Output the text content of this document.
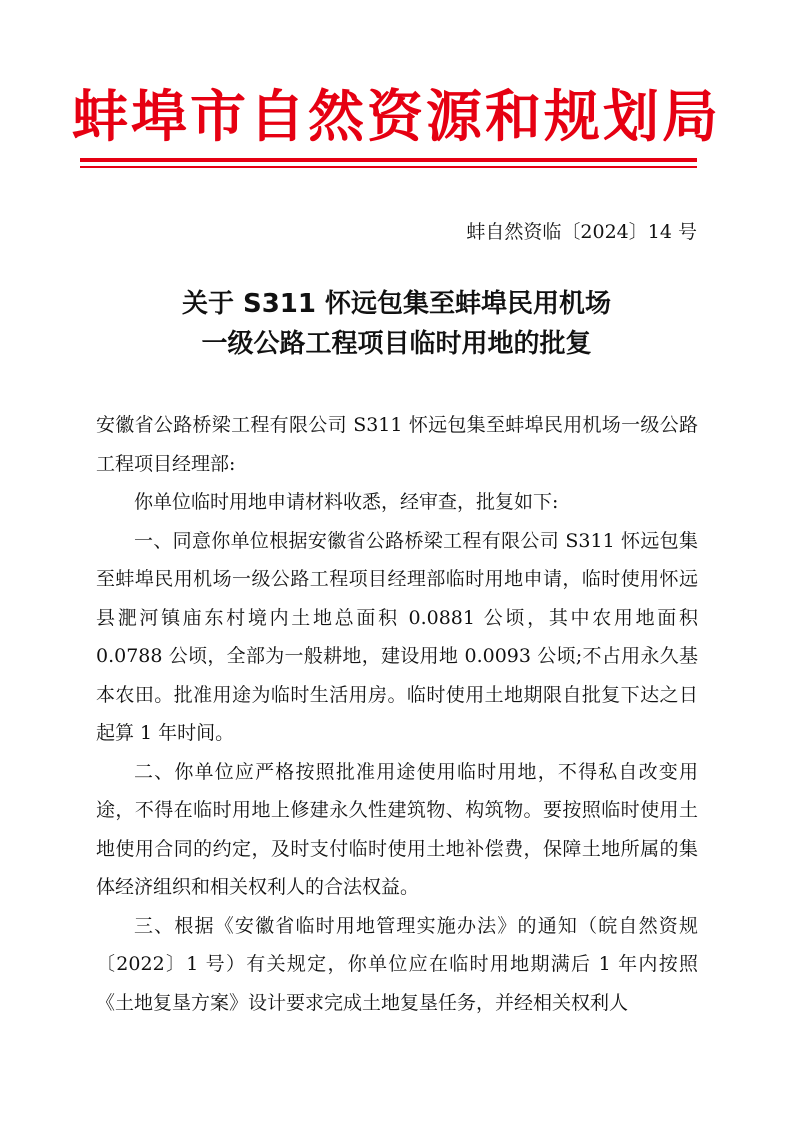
蚌埠市自然资源和规划局
蚌自然资临〔2024〕14 号
关于 S311 怀远包集至蚌埠民用机场
一级公路工程项目临时用地的批复

安徽省公路桥梁工程有限公司 S311 怀远包集至蚌埠民用机场一级公路工程项目经理部:

你单位临时用地申请材料收悉，经审查，批复如下:

一、同意你单位根据安徽省公路桥梁工程有限公司 S311 怀远包集至蚌埠民用机场一级公路工程项目经理部临时用地申请，临时使用怀远县淝河镇庙东村境内土地总面积 0.0881 公顷，其中农用地面积 0.0788 公顷，全部为一般耕地，建设用地 0.0093 公顷;不占用永久基本农田。批准用途为临时生活用房。临时使用土地期限自批复下达之日起算 1 年时间。

二、你单位应严格按照批准用途使用临时用地，不得私自改变用途，不得在临时用地上修建永久性建筑物、构筑物。要按照临时使用土地使用合同的约定，及时支付临时使用土地补偿费，保障土地所属的集体经济组织和相关权利人的合法权益。

三、根据《安徽省临时用地管理实施办法》的通知（皖自然资规〔2022〕1 号）有关规定，你单位应在临时用地期满后 1 年内按照《土地复垦方案》设计要求完成土地复垦任务，并经相关权利人
